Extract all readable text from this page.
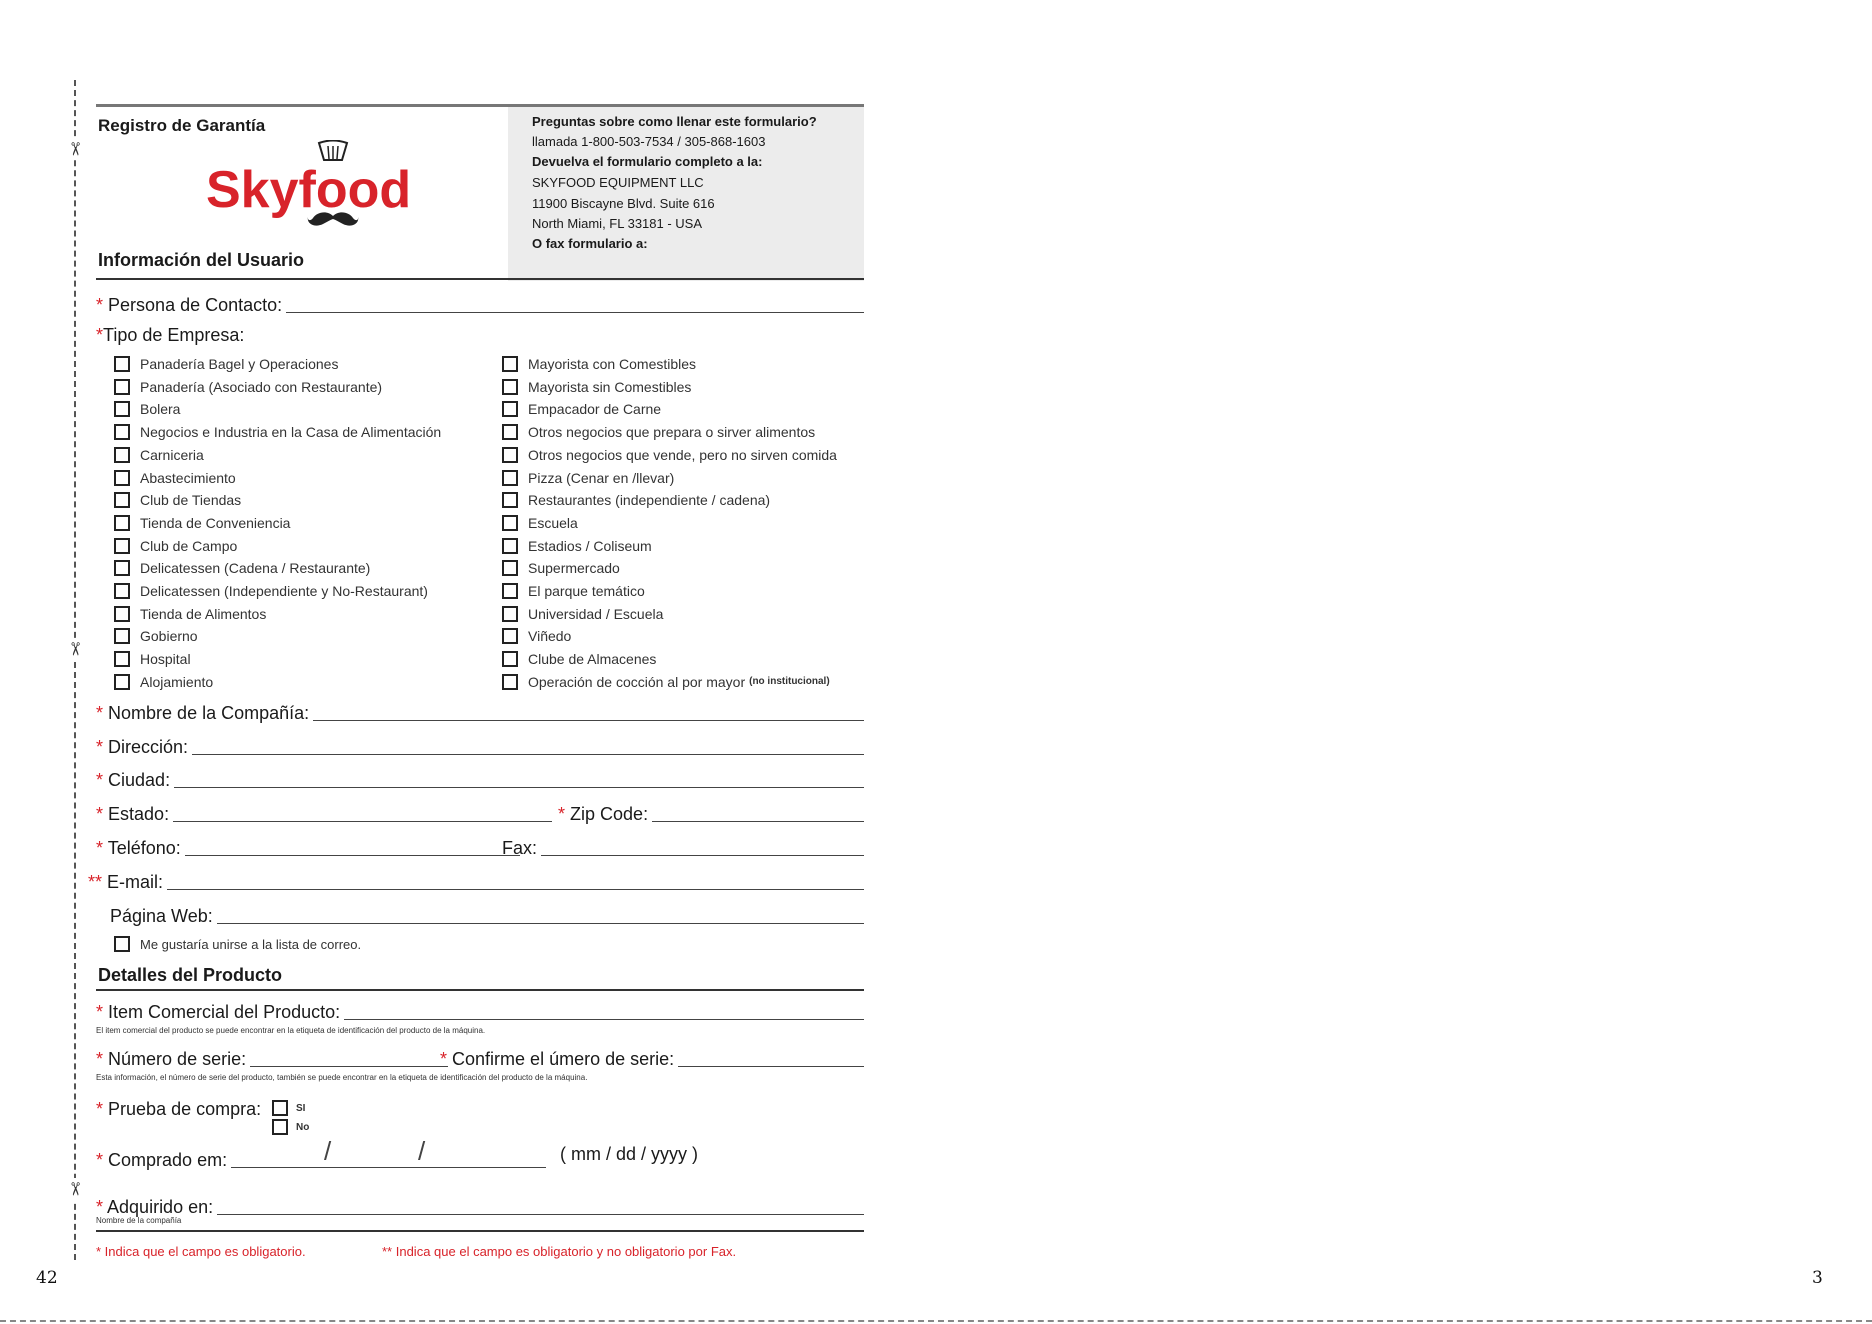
✂
✂
✂
42	3
Registro de Garantía
Skyfood
Información del Usuario
Preguntas sobre como llenar este formulario?
llamada 1-800-503-7534 / 305-868-1603
Devuelva el formulario completo a la:
SKYFOOD EQUIPMENT LLC
11900 Biscayne Blvd. Suite 616
North Miami, FL 33181 - USA
O fax formulario a:
* Persona de Contacto:
*Tipo de Empresa:
Panadería Bagel y Operaciones
Panadería (Asociado con Restaurante)
Bolera
Negocios e Industria en la Casa de Alimentación
Carniceria
Abastecimiento
Club de Tiendas
Tienda de Conveniencia
Club de Campo
Delicatessen (Cadena / Restaurante)
Delicatessen (Independiente y No-Restaurant)
Tienda de Alimentos
Gobierno
Hospital
Alojamiento
Mayorista con Comestibles
Mayorista sin Comestibles
Empacador de Carne
Otros negocios que prepara o sirver alimentos
Otros negocios que vende, pero no sirven comida
Pizza (Cenar en /llevar)
Restaurantes (independiente / cadena)
Escuela
Estadios / Coliseum
Supermercado
El parque temático
Universidad / Escuela
Viñedo
Clube de Almacenes
Operación de cocción al por mayor (no institucional)
* Nombre de la Compañía:
* Dirección:
* Ciudad:
* Estado:	* Zip Code:
* Teléfono:	Fax:
** E-mail:
Página Web:
Me gustaría unirse a la lista de correo.
Detalles del Producto
* Item Comercial del Producto:
El item comercial del producto se puede encontrar en la etiqueta de identificación del producto de la máquina.
* Número de serie:	* Confirme el úmero de serie:
Esta información, el número de serie del producto, también se puede encontrar en la etiqueta de identificación del producto de la máquina.
* Prueba de compra:	SI
No
* Comprado em:	/	/	( mm / dd / yyyy )
* Adquirido en:
Nombre de la compañía
* Indica que el campo es obligatorio.	** Indica que el campo es obligatorio y no obligatorio por Fax.
